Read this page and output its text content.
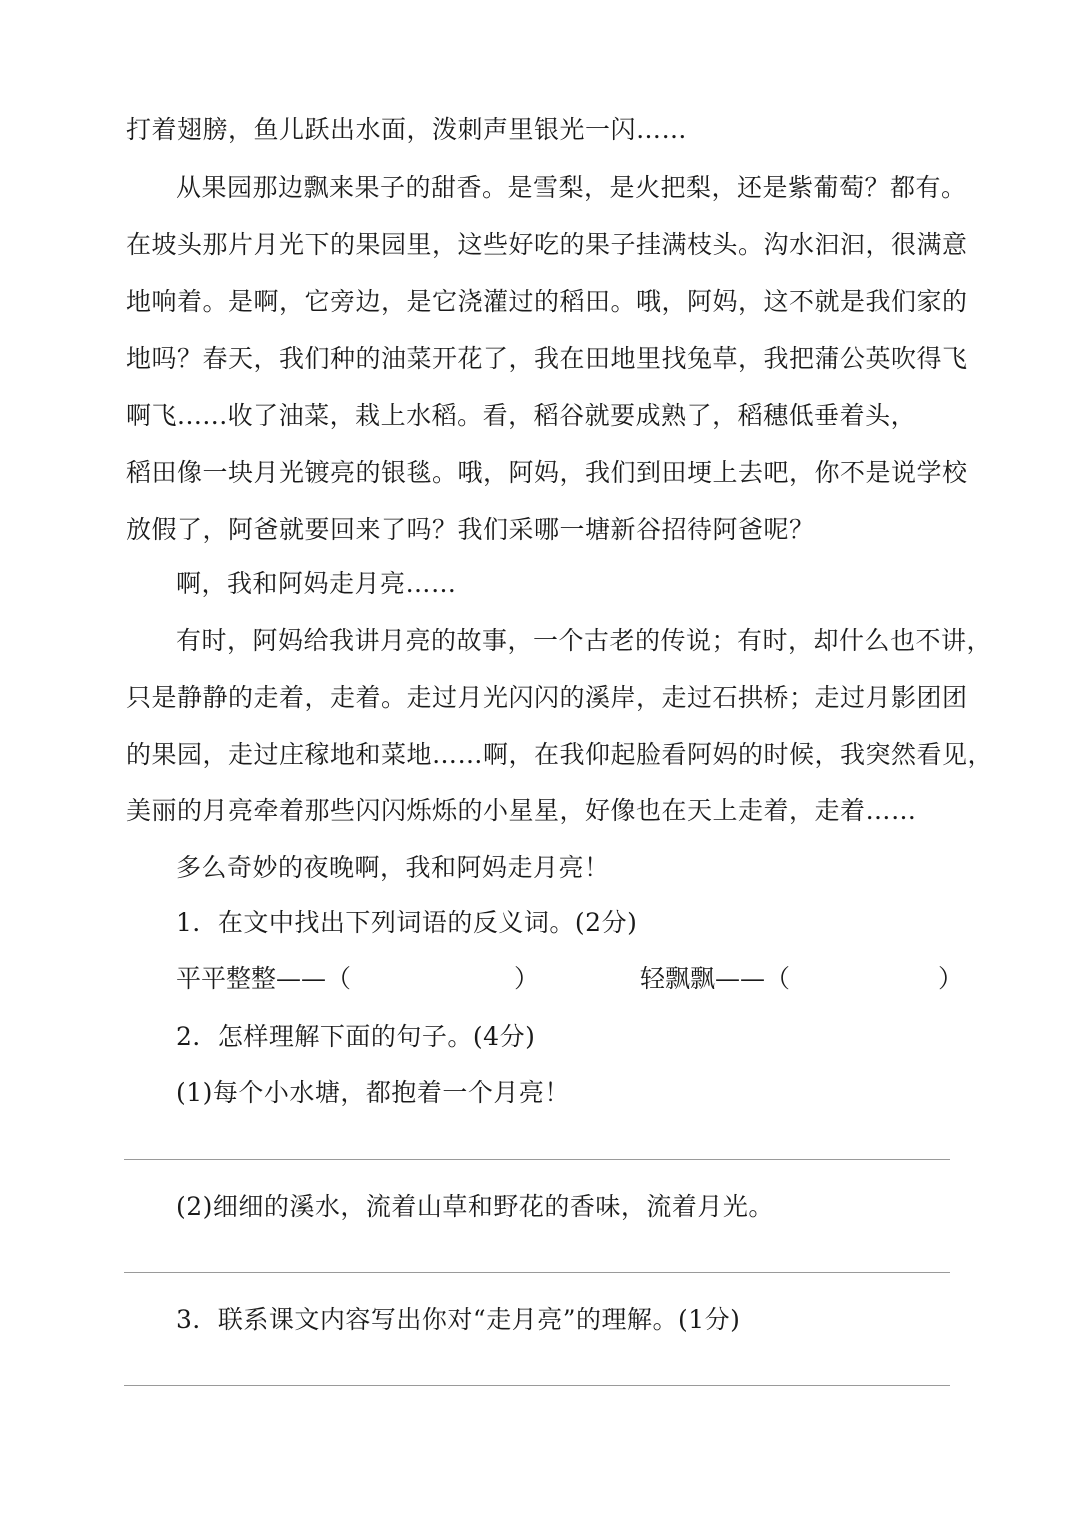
打着翅膀，鱼儿跃出水面，泼刺声里银光一闪……
从果园那边飘来果子的甜香。是雪梨，是火把梨，还是紫葡萄？都有。
在坡头那片月光下的果园里，这些好吃的果子挂满枝头。沟水汩汩，很满意
地响着。是啊，它旁边，是它浇灌过的稻田。哦，阿妈，这不就是我们家的
地吗？春天，我们种的油菜开花了，我在田地里找兔草，我把蒲公英吹得飞
啊飞......收了油菜，栽上水稻。看，稻谷就要成熟了，稻穗低垂着头，
稻田像一块月光镀亮的银毯。哦，阿妈，我们到田埂上去吧，你不是说学校
放假了，阿爸就要回来了吗？我们采哪一塘新谷招待阿爸呢？
啊，我和阿妈走月亮……
有时，阿妈给我讲月亮的故事，一个古老的传说；有时，却什么也不讲，
只是静静的走着，走着。走过月光闪闪的溪岸，走过石拱桥；走过月影团团
的果园，走过庄稼地和菜地……啊，在我仰起脸看阿妈的时候，我突然看见，
美丽的月亮牵着那些闪闪烁烁的小星星，好像也在天上走着，走着……
多么奇妙的夜晚啊，我和阿妈走月亮！
1．在文中找出下列词语的反义词。(2分)
平平整整——（	）	轻飘飘——（	）
2．怎样理解下面的句子。(4分)
(1)每个小水塘，都抱着一个月亮！
(2)细细的溪水，流着山草和野花的香味，流着月光。
3．联系课文内容写出你对“走月亮”的理解。(1分)
